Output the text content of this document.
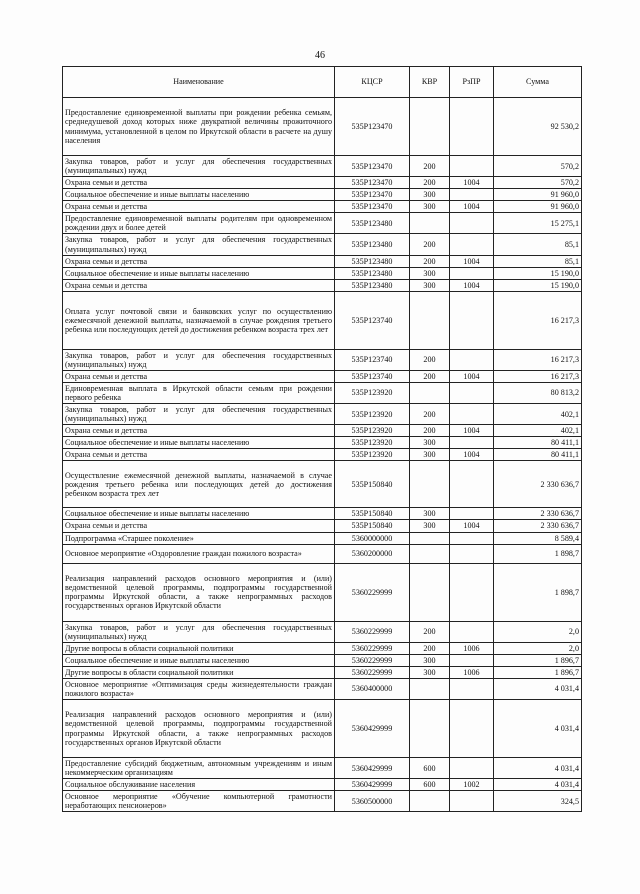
46
Наименование	КЦСР	КВР	РзПР	Сумма
Предоставление единовременной выплаты при рождении ребенка семьям, среднедушевой доход которых ниже двукратной величины прожиточного минимума, установленной в целом по Иркутской области в расчете на душу населения	535P123470			92 530,2
Закупка товаров, работ и услуг для обеспечения государственных (муниципальных) нужд	535P123470	200		570,2
Охрана семьи и детства	535P123470	200	1004	570,2
Социальное обеспечение и иные выплаты населению	535P123470	300		91 960,0
Охрана семьи и детства	535P123470	300	1004	91 960,0
Предоставление единовременной выплаты родителям при одновременном рождении двух и более детей	535P123480			15 275,1
Закупка товаров, работ и услуг для обеспечения государственных (муниципальных) нужд	535P123480	200		85,1
Охрана семьи и детства	535P123480	200	1004	85,1
Социальное обеспечение и иные выплаты населению	535P123480	300		15 190,0
Охрана семьи и детства	535P123480	300	1004	15 190,0
Оплата услуг почтовой связи и банковских услуг по осуществлению ежемесячной денежной выплаты, назначаемой в случае рождения третьего ребенка или последующих детей до достижения ребенком возраста трех лет	535P123740			16 217,3
Закупка товаров, работ и услуг для обеспечения государственных (муниципальных) нужд	535P123740	200		16 217,3
Охрана семьи и детства	535P123740	200	1004	16 217,3
Единовременная выплата в Иркутской области семьям при рождении первого ребенка	535P123920			80 813,2
Закупка товаров, работ и услуг для обеспечения государственных (муниципальных) нужд	535P123920	200		402,1
Охрана семьи и детства	535P123920	200	1004	402,1
Социальное обеспечение и иные выплаты населению	535P123920	300		80 411,1
Охрана семьи и детства	535P123920	300	1004	80 411,1
Осуществление ежемесячной денежной выплаты, назначаемой в случае рождения третьего ребенка или последующих детей до достижения ребенком возраста трех лет	535P150840			2 330 636,7
Социальное обеспечение и иные выплаты населению	535P150840	300		2 330 636,7
Охрана семьи и детства	535P150840	300	1004	2 330 636,7
Подпрограмма «Старшее поколение»	5360000000			8 589,4
Основное мероприятие «Оздоровление граждан пожилого возраста»	5360200000			1 898,7
Реализация направлений расходов основного мероприятия и (или) ведомственной целевой программы, подпрограммы государственной программы Иркутской области, а также непрограммных расходов государственных органов Иркутской области	5360229999			1 898,7
Закупка товаров, работ и услуг для обеспечения государственных (муниципальных) нужд	5360229999	200		2,0
Другие вопросы в области социальной политики	5360229999	200	1006	2,0
Социальное обеспечение и иные выплаты населению	5360229999	300		1 896,7
Другие вопросы в области социальной политики	5360229999	300	1006	1 896,7
Основное мероприятие «Оптимизация среды жизнедеятельности граждан пожилого возраста»	5360400000			4 031,4
Реализация направлений расходов основного мероприятия и (или) ведомственной целевой программы, подпрограммы государственной программы Иркутской области, а также непрограммных расходов государственных органов Иркутской области	5360429999			4 031,4
Предоставление субсидий бюджетным, автономным учреждениям и иным некоммерческим организациям	5360429999	600		4 031,4
Социальное обслуживание населения	5360429999	600	1002	4 031,4
Основное мероприятие «Обучение компьютерной грамотности неработающих пенсионеров»	5360500000			324,5
